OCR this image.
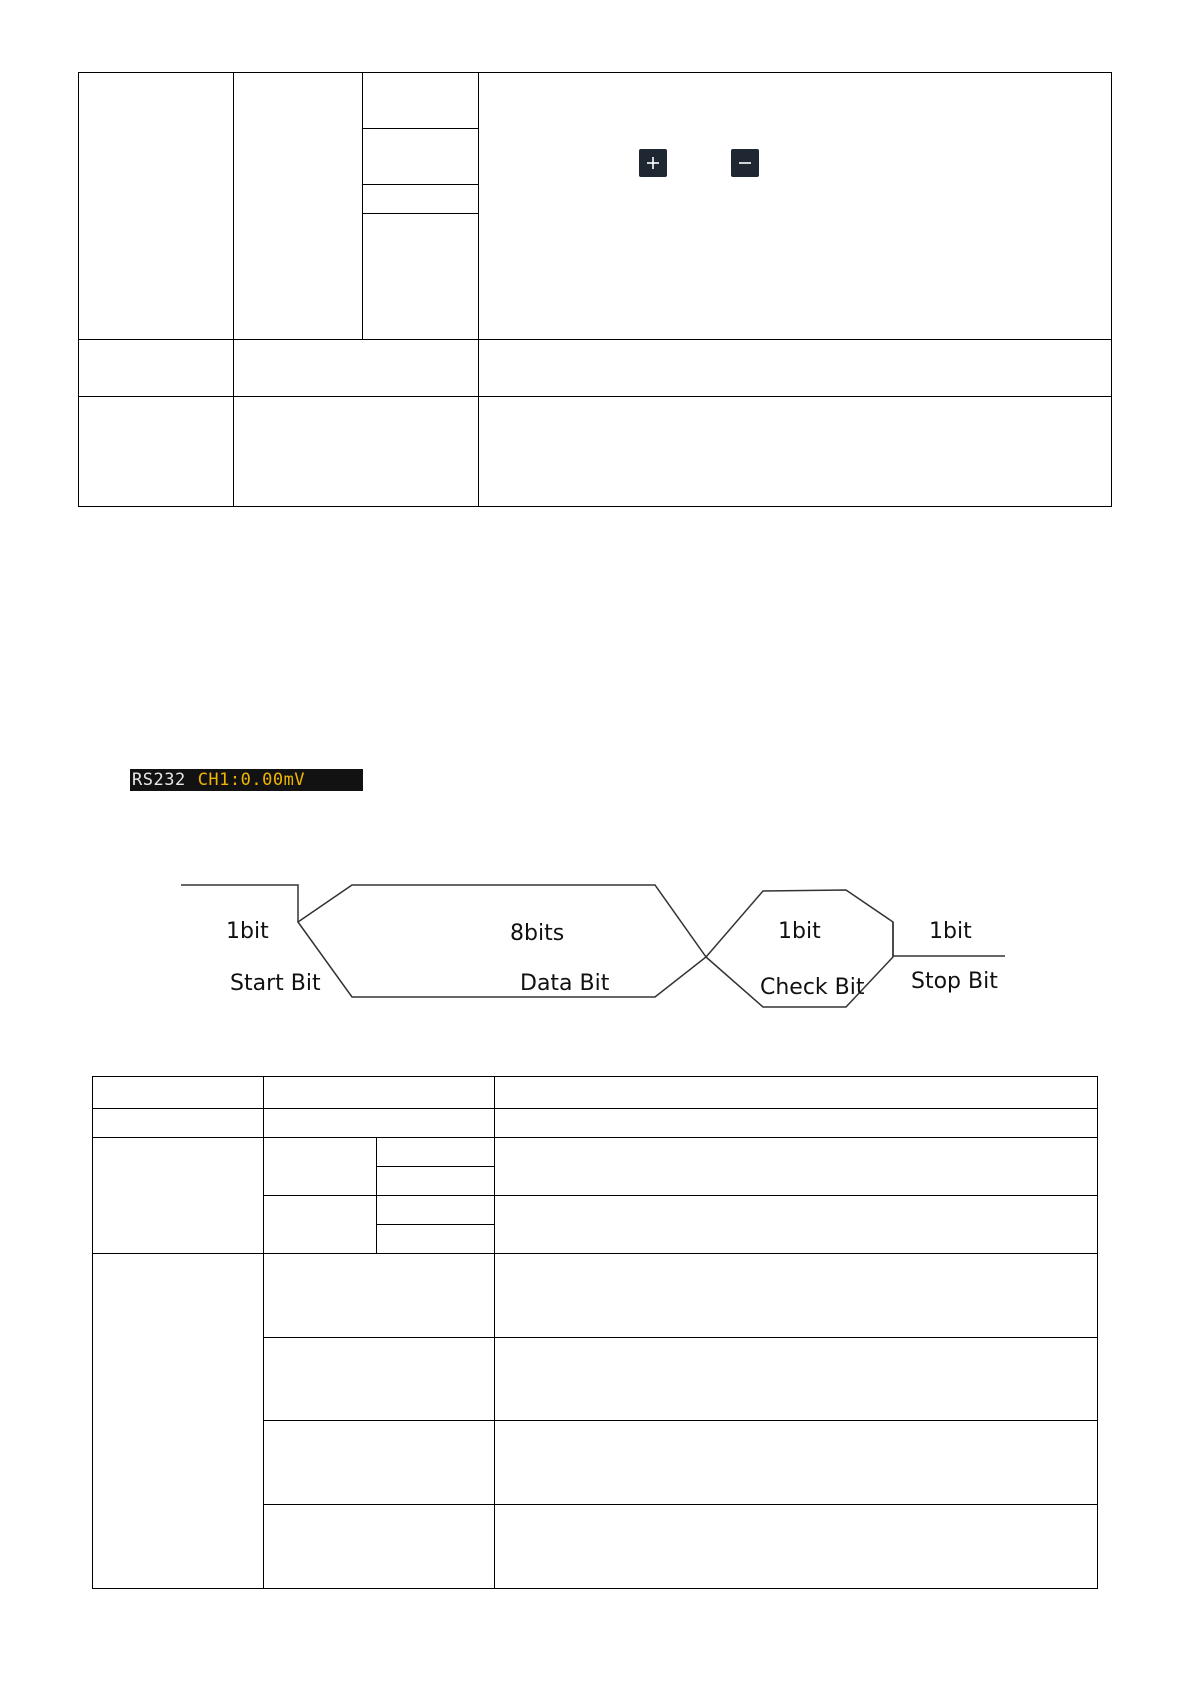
RS232 CH1:0.00mV
1bit
Start Bit
8bits
Data Bit
1bit
Check Bit
1bit
Stop Bit
